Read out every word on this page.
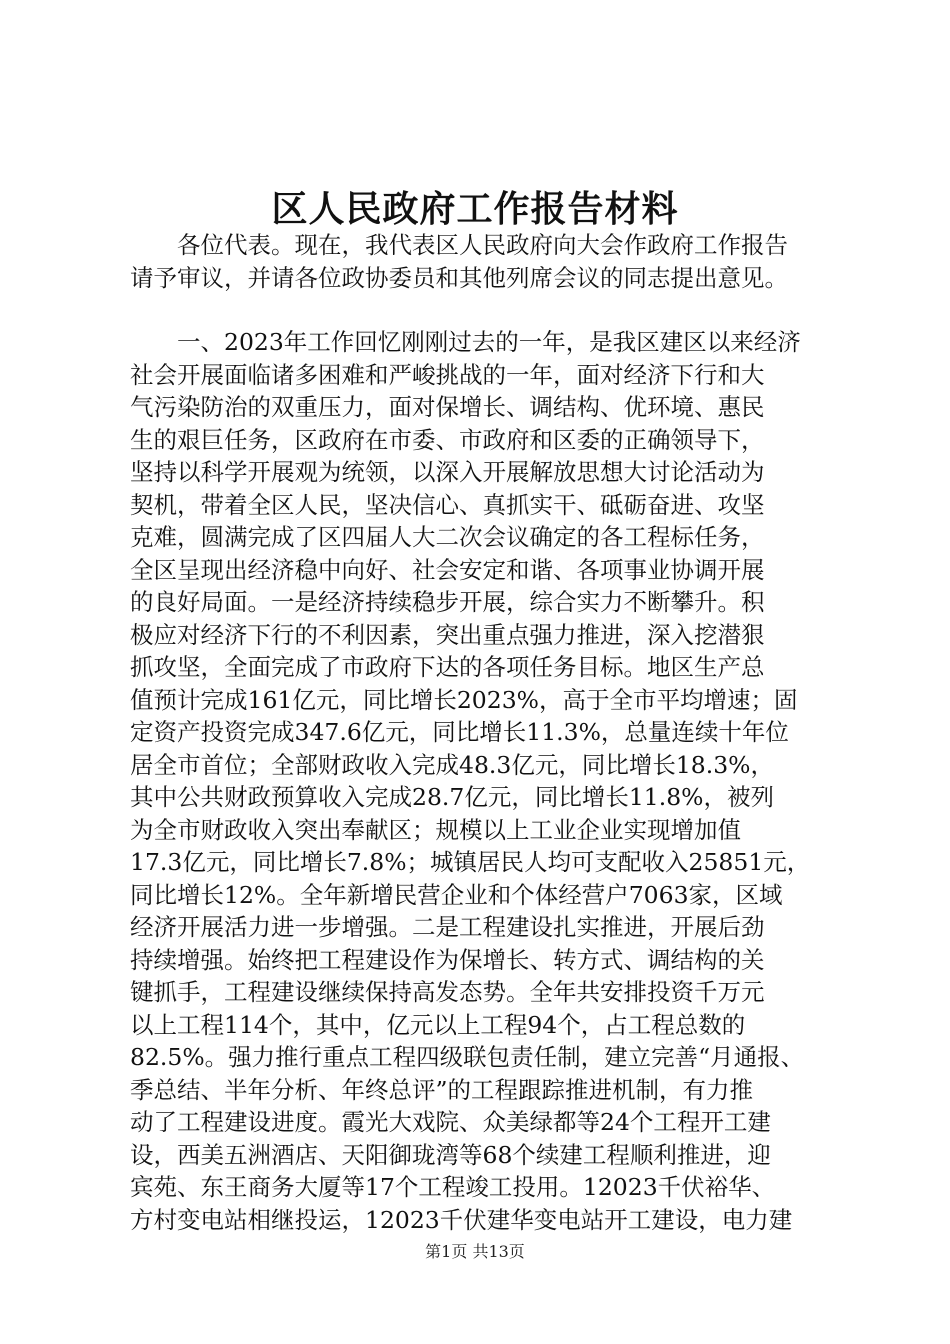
区人民政府工作报告材料
　　各位代表。现在，我代表区人民政府向大会作政府工作报告
请予审议，并请各位政协委员和其他列席会议的同志提出意见。
　　一、2023年工作回忆刚刚过去的一年，是我区建区以来经济
社会开展面临诸多困难和严峻挑战的一年，面对经济下行和大
气污染防治的双重压力，面对保增长、调结构、优环境、惠民
生的艰巨任务，区政府在市委、市政府和区委的正确领导下，
坚持以科学开展观为统领，以深入开展解放思想大讨论活动为
契机，带着全区人民，坚决信心、真抓实干、砥砺奋进、攻坚
克难，圆满完成了区四届人大二次会议确定的各工程标任务，
全区呈现出经济稳中向好、社会安定和谐、各项事业协调开展
的良好局面。一是经济持续稳步开展，综合实力不断攀升。积
极应对经济下行的不利因素，突出重点强力推进，深入挖潜狠
抓攻坚，全面完成了市政府下达的各项任务目标。地区生产总
值预计完成161亿元，同比增长2023%，高于全市平均增速；固
定资产投资完成347.6亿元，同比增长11.3%，总量连续十年位
居全市首位；全部财政收入完成48.3亿元，同比增长18.3%，
其中公共财政预算收入完成28.7亿元，同比增长11.8%，被列
为全市财政收入突出奉献区；规模以上工业企业实现增加值
17.3亿元，同比增长7.8%；城镇居民人均可支配收入25851元，
同比增长12%。全年新增民营企业和个体经营户7063家，区域
经济开展活力进一步增强。二是工程建设扎实推进，开展后劲
持续增强。始终把工程建设作为保增长、转方式、调结构的关
键抓手，工程建设继续保持高发态势。全年共安排投资千万元
以上工程114个，其中，亿元以上工程94个，占工程总数的
82.5%。强力推行重点工程四级联包责任制，建立完善“月通报、
季总结、半年分析、年终总评”的工程跟踪推进机制，有力推
动了工程建设进度。霞光大戏院、众美绿都等24个工程开工建
设，西美五洲酒店、天阳御珑湾等68个续建工程顺利推进，迎
宾苑、东王商务大厦等17个工程竣工投用。12023千伏裕华、
方村变电站相继投运，12023千伏建华变电站开工建设，电力建
第1页 共13页
